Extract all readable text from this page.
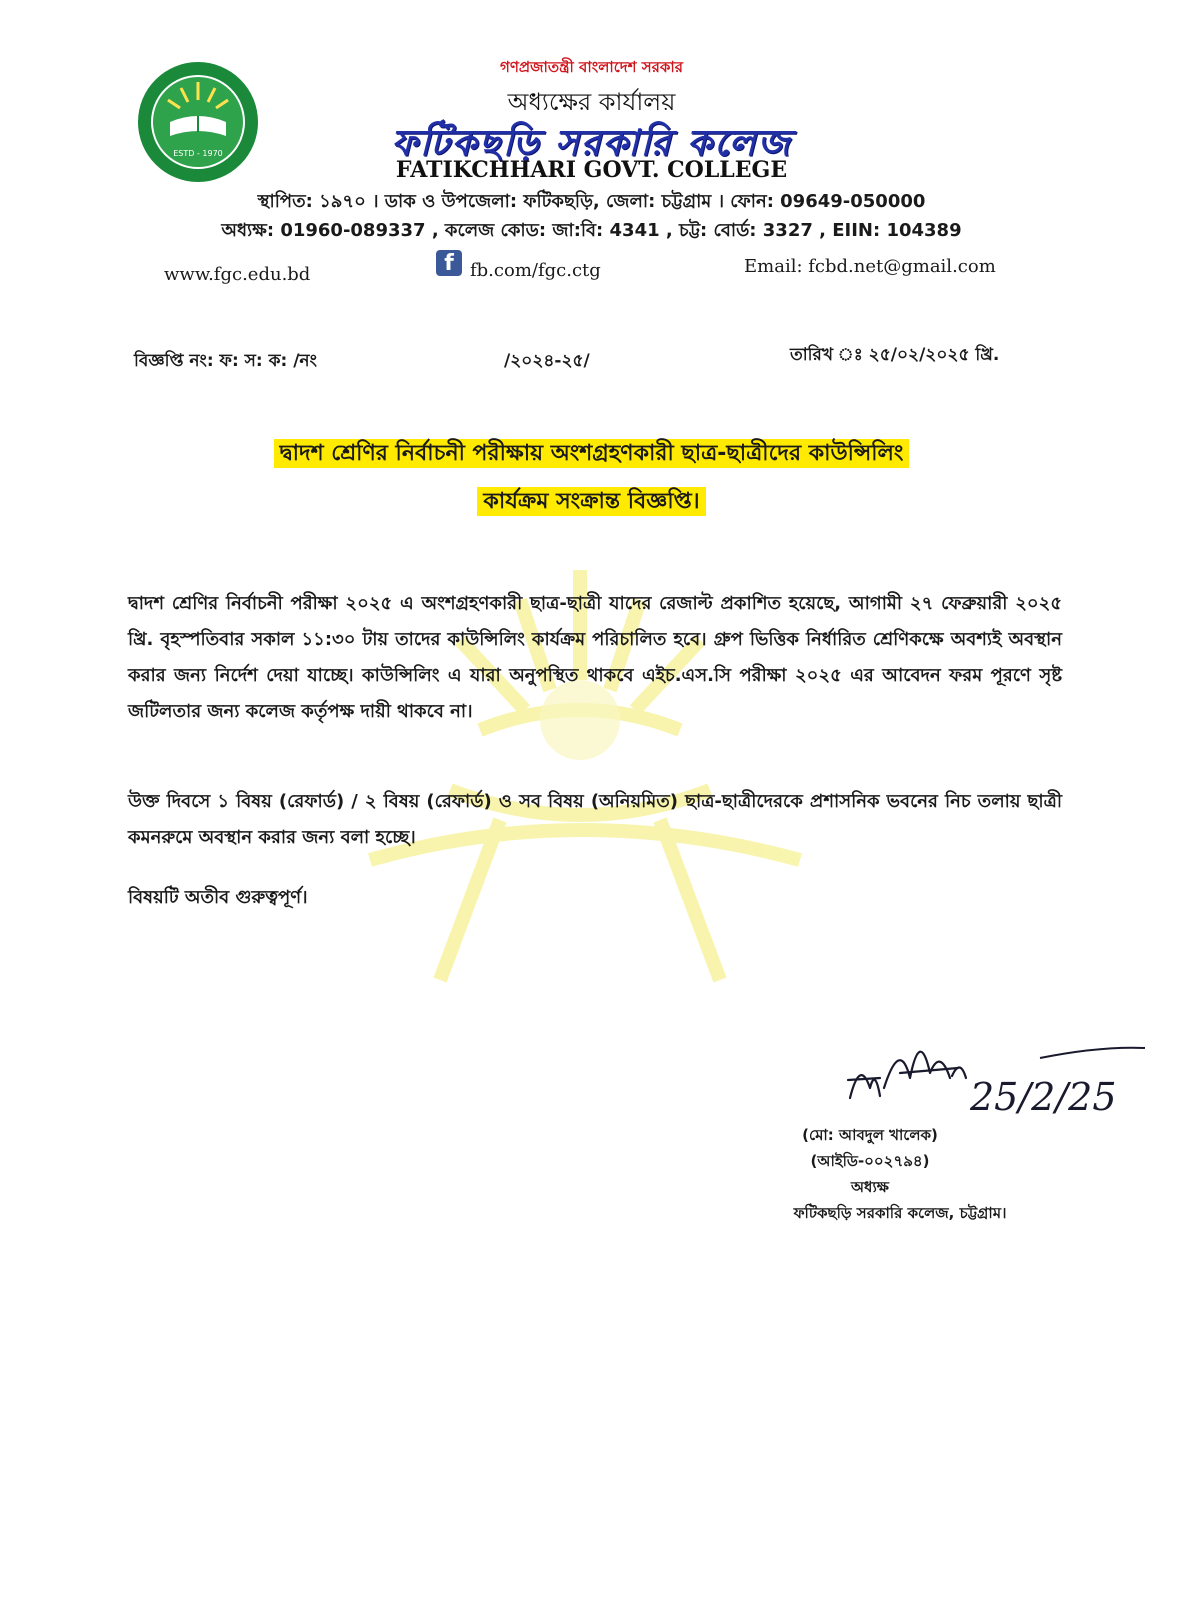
ESTD - 1970
গণপ্রজাতন্ত্রী বাংলাদেশ সরকার
অধ্যক্ষের কার্যালয়
ফটিকছড়ি সরকারি কলেজ
FATIKCHHARI GOVT. COLLEGE
স্থাপিত: ১৯৭০ । ডাক ও উপজেলা: ফটিকছড়ি, জেলা: চট্টগ্রাম । ফোন: 09649-050000
অধ্যক্ষ: 01960-089337 , কলেজ কোড: জা:বি: 4341 , চট্ট: বোর্ড: 3327 , EIIN: 104389
www.fgc.edu.bd	f fb.com/fgc.ctg	Email: fcbd.net@gmail.com
বিজ্ঞপ্তি নং: ফ: স: ক: /নং	/২০২৪-২৫/	তারিখ ঃ ২৫/০২/২০২৫ খ্রি.
দ্বাদশ শ্রেণির নির্বাচনী পরীক্ষায় অংশগ্রহণকারী ছাত্র-ছাত্রীদের কাউন্সিলিং
কার্যক্রম সংক্রান্ত বিজ্ঞপ্তি।
দ্বাদশ শ্রেণির নির্বাচনী পরীক্ষা ২০২৫ এ অংশগ্রহণকারী ছাত্র-ছাত্রী যাদের রেজাল্ট প্রকাশিত হয়েছে, আগামী ২৭ ফেব্রুয়ারী ২০২৫ খ্রি. বৃহস্পতিবার সকাল ১১:৩০ টায় তাদের কাউন্সিলিং কার্যক্রম পরিচালিত হবে। গ্রুপ ভিত্তিক নির্ধারিত শ্রেণিকক্ষে অবশ্যই অবস্থান করার জন্য নির্দেশ দেয়া যাচ্ছে। কাউন্সিলিং এ যারা অনুপস্থিত থাকবে এইচ.এস.সি পরীক্ষা ২০২৫ এর আবেদন ফরম পূরণে সৃষ্ট জটিলতার জন্য কলেজ কর্তৃপক্ষ দায়ী থাকবে না।
উক্ত দিবসে ১ বিষয় (রেফার্ড) / ২ বিষয় (রেফার্ড) ও সব বিষয় (অনিয়মিত) ছাত্র-ছাত্রীদেরকে প্রশাসনিক ভবনের নিচ তলায় ছাত্রী কমনরুমে অবস্থান করার জন্য বলা হচ্ছে।
বিষয়টি অতীব গুরুত্বপূর্ণ।
25/2/25
(মো: আবদুল খালেক)
(আইডি-০০২৭৯৪)
অধ্যক্ষ
ফটিকছড়ি সরকারি কলেজ, চট্টগ্রাম।
